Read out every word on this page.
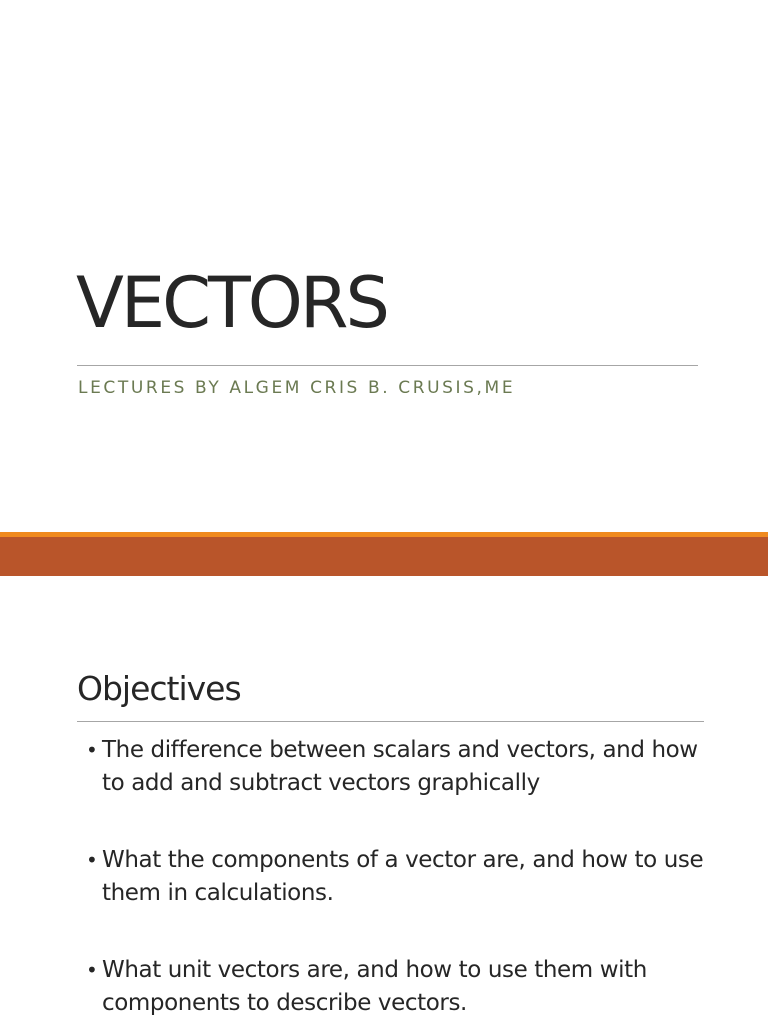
VECTORS

LECTURES BY ALGEM CRIS B. CRUSIS,ME

Objectives
• The difference between scalars and vectors, and how to add and subtract vectors graphically
• What the components of a vector are, and how to use them in calculations.
• What unit vectors are, and how to use them with components to describe vectors.
